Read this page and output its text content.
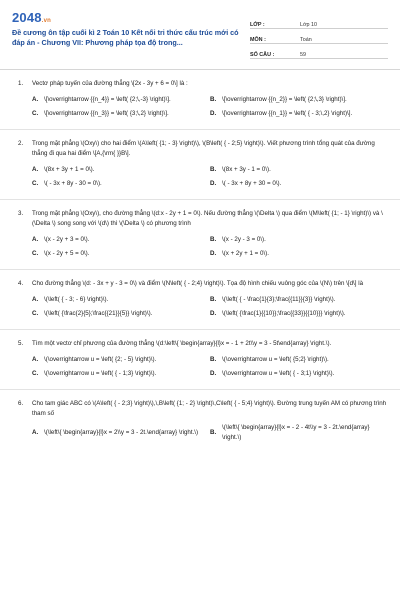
2048.vn
Đề cương ôn tập cuối kì 2 Toán 10 Kết nối tri thức cấu trúc mới có đáp án - Chương VII: Phương pháp tọa độ trong...
LỚP :	Lớp 10
MÔN :	Toán
SỐ CÂU :	59
1.	Vectơ pháp tuyến của đường thẳng \[2x - 3y + 6 = 0\] là :
A. \[\overrightarrow {{n_4}} = \left( {2;\,-3} \right)\].	B. \[\overrightarrow {{n_2}} = \left( {2;\,3} \right)\].
C. \[\overrightarrow {{n_3}} = \left( {3;\,2} \right)\].	D. \[\overrightarrow {{n_1}} = \left( { - 3;\,2} \right)\].
2.	Trong mặt phẳng \(Oxy\) cho hai điểm \(A\left( {1; - 3} \right)\), \(B\left( { - 2;5} \right)\). Viết phương trình tổng quát của đường thẳng đi qua hai điểm \[A,{\rm{ }}B\].
A. \(8x + 3y + 1 = 0\).	B. \(8x + 3y - 1 = 0\).
C. \( - 3x + 8y - 30 = 0\).	D. \( - 3x + 8y + 30 = 0\).
3.	Trong mặt phẳng \(Oxy\), cho đường thẳng \(d:x - 2y + 1 = 0\). Nếu đường thẳng \(\Delta \) qua điểm \(M\left( {1; - 1} \right)\) và \(\Delta \) song song với \(d\) thì \(\Delta \) có phương trình
A. \(x - 2y + 3 = 0\).	B. \(x - 2y - 3 = 0\).
C. \(x - 2y + 5 = 0\).	D. \(x + 2y + 1 = 0\).
4.	Cho đường thẳng \(d: - 3x + y - 3 = 0\) và điểm \(N\left( { - 2;4} \right)\). Tọa độ hình chiếu vuông góc của \(N\) trên \[d\] là
A. \(\left( { - 3; - 6} \right)\).	B. \(\left( { - \frac{1}{3};\frac{{11}}{3}} \right)\).
C. \(\left( {\frac{2}{5};\frac{{21}}{5}} \right)\).	D. \(\left( {\frac{1}{{10}};\frac{{33}}{{10}}} \right)\).
5.	Tìm một vectơ chỉ phương của đường thẳng \(d:\left\{ \begin{array}{l}x = - 1 + 2t\\y = 3 - 5t\end{array} \right.\).
A. \(\overrightarrow u = \left( {2; - 5} \right)\).	B. \(\overrightarrow u = \left( {5;2} \right)\).
C. \(\overrightarrow u = \left( { - 1;3} \right)\).	D. \(\overrightarrow u = \left( { - 3;1} \right)\).
6.	Cho tam giác ABC có \(A\left( { - 2;3} \right)\),\,B\left( {1; - 2} \right)\,C\left( { - 5;4} \right)\). Đường trung tuyến AM có phương trình tham số
A. \(\left\{ \begin{array}{l}x = 2\\y = 3 - 2t.\end{array} \right.\)	B.
\(\left\{ \begin{array}{l}x = - 2 - 4t\\y = 3 - 2t.\end{array} \right.\)
